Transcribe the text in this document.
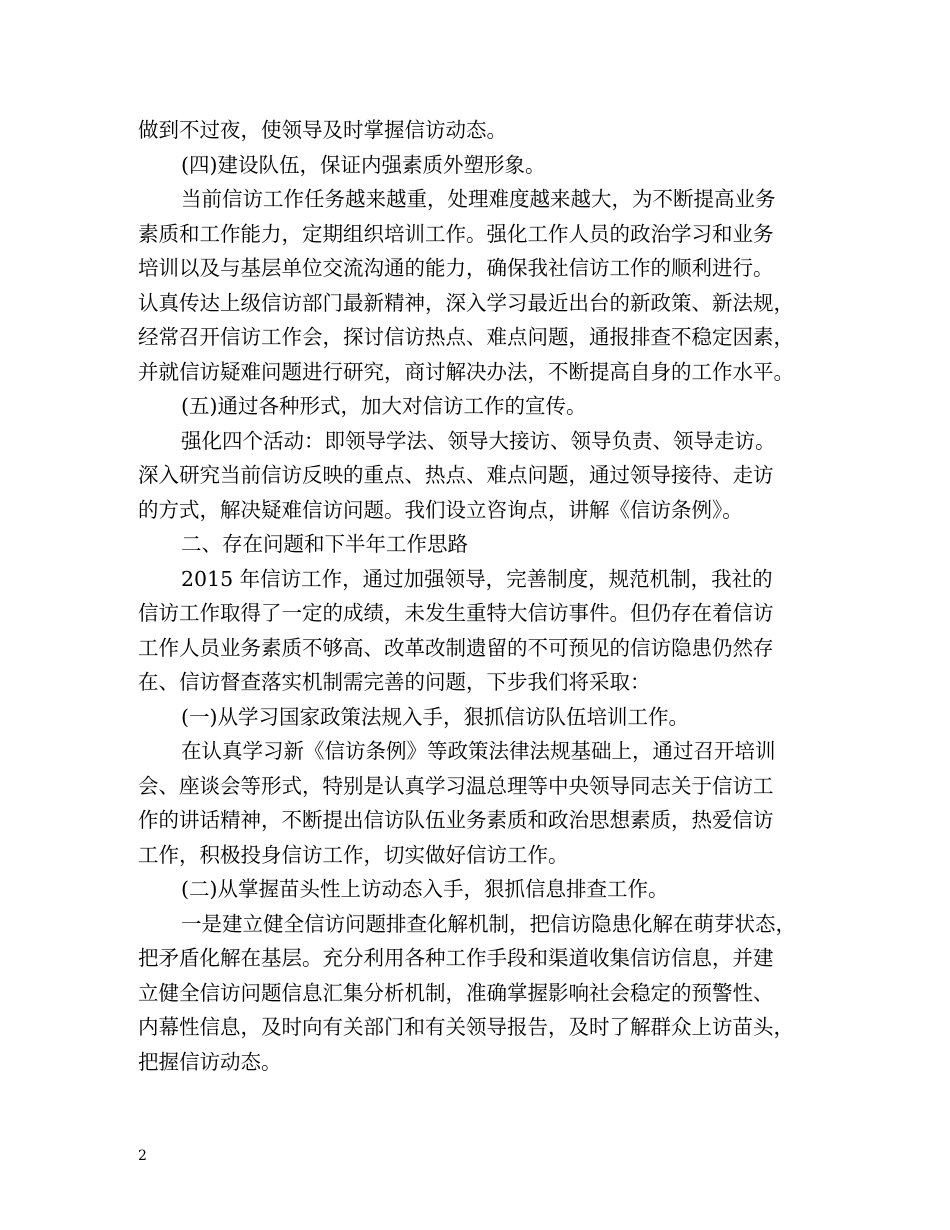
做到不过夜，使领导及时掌握信访动态。
(四)建设队伍，保证内强素质外塑形象。
当前信访工作任务越来越重，处理难度越来越大，为不断提高业务
素质和工作能力，定期组织培训工作。强化工作人员的政治学习和业务
培训以及与基层单位交流沟通的能力，确保我社信访工作的顺利进行。
认真传达上级信访部门最新精神，深入学习最近出台的新政策、新法规，
经常召开信访工作会，探讨信访热点、难点问题，通报排查不稳定因素，
并就信访疑难问题进行研究，商讨解决办法，不断提高自身的工作水平。
(五)通过各种形式，加大对信访工作的宣传。
强化四个活动：即领导学法、领导大接访、领导负责、领导走访。
深入研究当前信访反映的重点、热点、难点问题，通过领导接待、走访
的方式，解决疑难信访问题。我们设立咨询点，讲解《信访条例》。
二、存在问题和下半年工作思路
2015 年信访工作，通过加强领导，完善制度，规范机制，我社的
信访工作取得了一定的成绩，未发生重特大信访事件。但仍存在着信访
工作人员业务素质不够高、改革改制遗留的不可预见的信访隐患仍然存
在、信访督查落实机制需完善的问题，下步我们将采取：
(一)从学习国家政策法规入手，狠抓信访队伍培训工作。
在认真学习新《信访条例》等政策法律法规基础上，通过召开培训
会、座谈会等形式，特别是认真学习温总理等中央领导同志关于信访工
作的讲话精神，不断提出信访队伍业务素质和政治思想素质，热爱信访
工作，积极投身信访工作，切实做好信访工作。
(二)从掌握苗头性上访动态入手，狠抓信息排查工作。
一是建立健全信访问题排查化解机制，把信访隐患化解在萌芽状态，
把矛盾化解在基层。充分利用各种工作手段和渠道收集信访信息，并建
立健全信访问题信息汇集分析机制，准确掌握影响社会稳定的预警性、
内幕性信息，及时向有关部门和有关领导报告，及时了解群众上访苗头，
把握信访动态。
2
